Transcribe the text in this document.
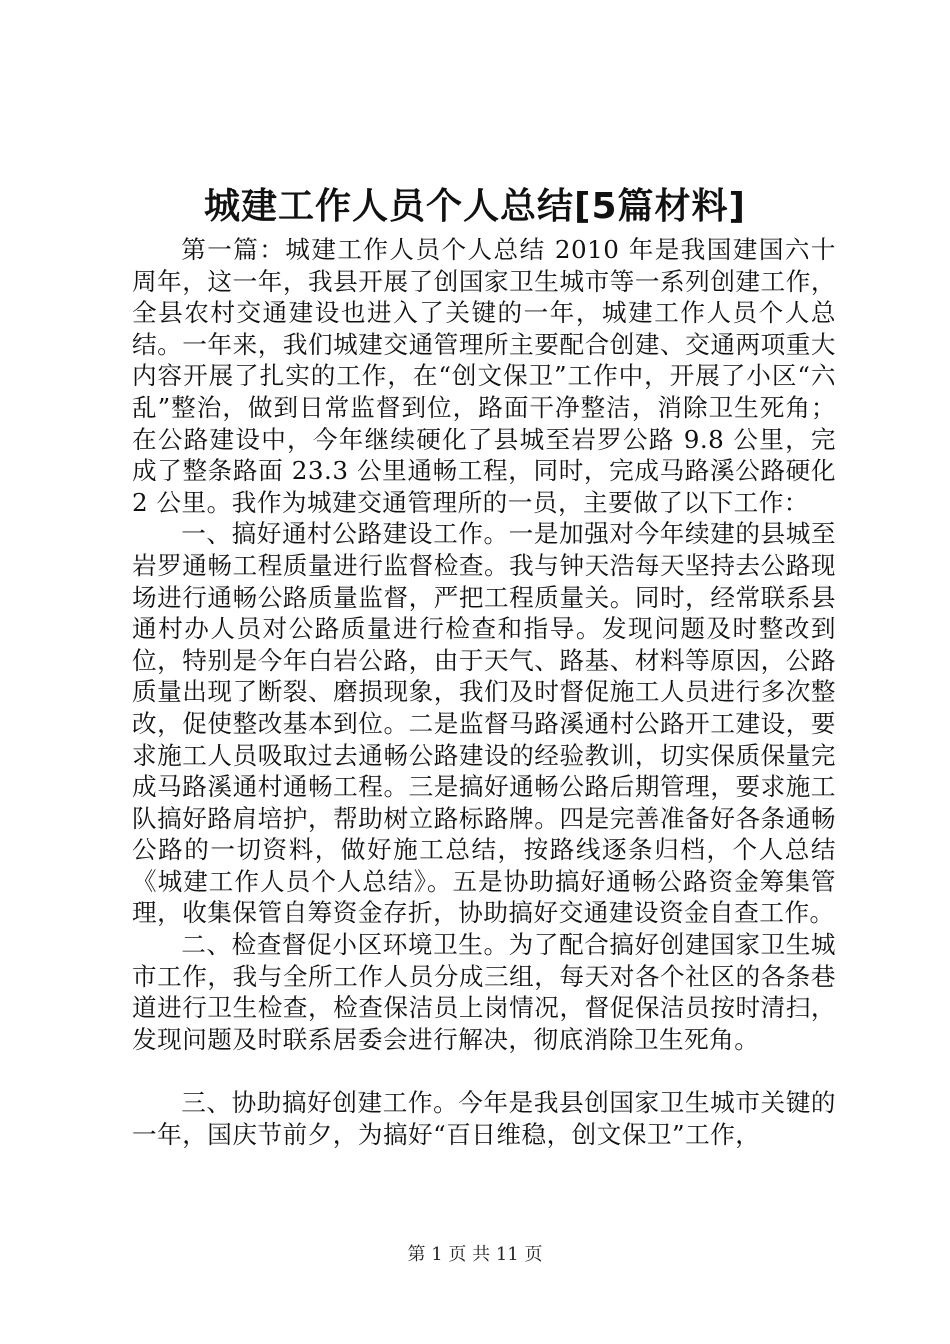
城建工作人员个人总结[5篇材料]

第一篇：城建工作人员个人总结 2010 年是我国建国六十周年，这一年，我县开展了创国家卫生城市等一系列创建工作，全县农村交通建设也进入了关键的一年，城建工作人员个人总结。一年来，我们城建交通管理所主要配合创建、交通两项重大内容开展了扎实的工作，在“创文保卫”工作中，开展了小区“六乱”整治，做到日常监督到位，路面干净整洁，消除卫生死角；在公路建设中，今年继续硬化了县城至岩罗公路 9.8 公里，完成了整条路面 23.3 公里通畅工程，同时，完成马路溪公路硬化 2 公里。我作为城建交通管理所的一员，主要做了以下工作：

一、搞好通村公路建设工作。一是加强对今年续建的县城至岩罗通畅工程质量进行监督检查。我与钟天浩每天坚持去公路现场进行通畅公路质量监督，严把工程质量关。同时，经常联系县通村办人员对公路质量进行检查和指导。发现问题及时整改到位，特别是今年白岩公路，由于天气、路基、材料等原因，公路质量出现了断裂、磨损现象，我们及时督促施工人员进行多次整改，促使整改基本到位。二是监督马路溪通村公路开工建设，要求施工人员吸取过去通畅公路建设的经验教训，切实保质保量完成马路溪通村通畅工程。三是搞好通畅公路后期管理，要求施工队搞好路肩培护，帮助树立路标路牌。四是完善准备好各条通畅公路的一切资料，做好施工总结，按路线逐条归档，个人总结《城建工作人员个人总结》。五是协助搞好通畅公路资金筹集管理，收集保管自筹资金存折，协助搞好交通建设资金自查工作。

二、检查督促小区环境卫生。为了配合搞好创建国家卫生城市工作，我与全所工作人员分成三组，每天对各个社区的各条巷道进行卫生检查，检查保洁员上岗情况，督促保洁员按时清扫，发现问题及时联系居委会进行解决，彻底消除卫生死角。

三、协助搞好创建工作。今年是我县创国家卫生城市关键的一年，国庆节前夕，为搞好“百日维稳，创文保卫”工作，

第 1 页 共 11 页
